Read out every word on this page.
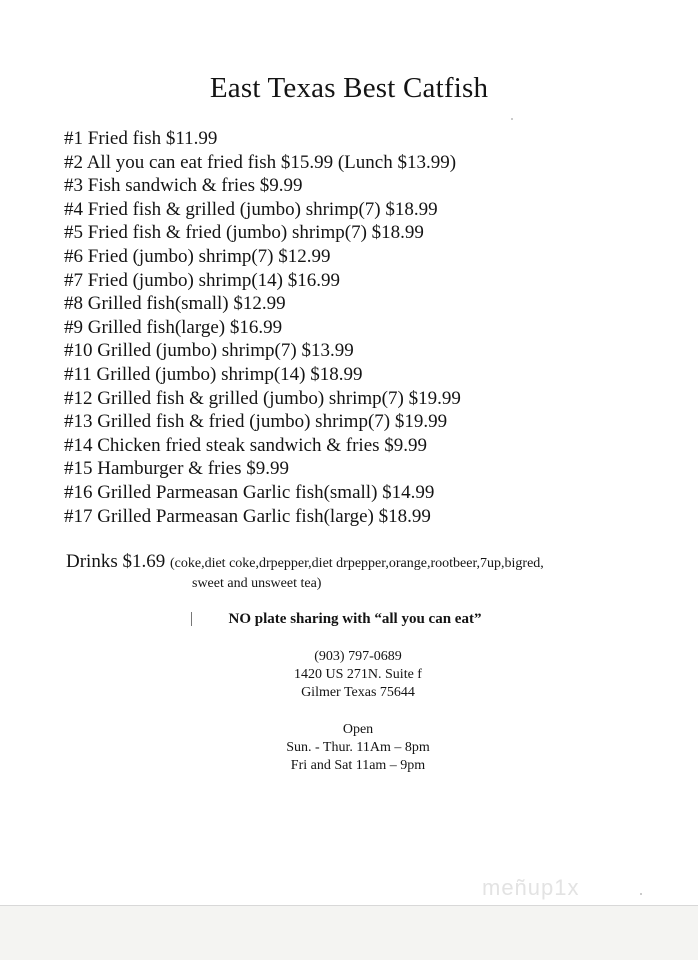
East Texas Best Catfish
#1 Fried fish $11.99
#2 All you can eat fried fish $15.99 (Lunch $13.99)
#3 Fish sandwich & fries $9.99
#4 Fried fish & grilled (jumbo) shrimp(7) $18.99
#5 Fried fish & fried (jumbo) shrimp(7) $18.99
#6 Fried (jumbo) shrimp(7) $12.99
#7 Fried (jumbo) shrimp(14) $16.99
#8 Grilled fish(small) $12.99
#9 Grilled fish(large) $16.99
#10 Grilled (jumbo) shrimp(7) $13.99
#11 Grilled (jumbo) shrimp(14) $18.99
#12 Grilled fish & grilled (jumbo) shrimp(7) $19.99
#13 Grilled fish & fried (jumbo) shrimp(7) $19.99
#14 Chicken fried steak sandwich & fries $9.99
#15 Hamburger & fries $9.99
#16 Grilled Parmeasan Garlic fish(small) $14.99
#17 Grilled Parmeasan Garlic fish(large) $18.99
Drinks $1.69 (coke,diet coke,drpepper,diet drpepper,orange,rootbeer,7up,bigred,
sweet and unsweet tea)
NO plate sharing with “all you can eat”
(903) 797-0689
1420 US 271N. Suite f
Gilmer Texas 75644
Open
Sun. - Thur. 11Am – 8pm
Fri and Sat 11am – 9pm
meñup1x
